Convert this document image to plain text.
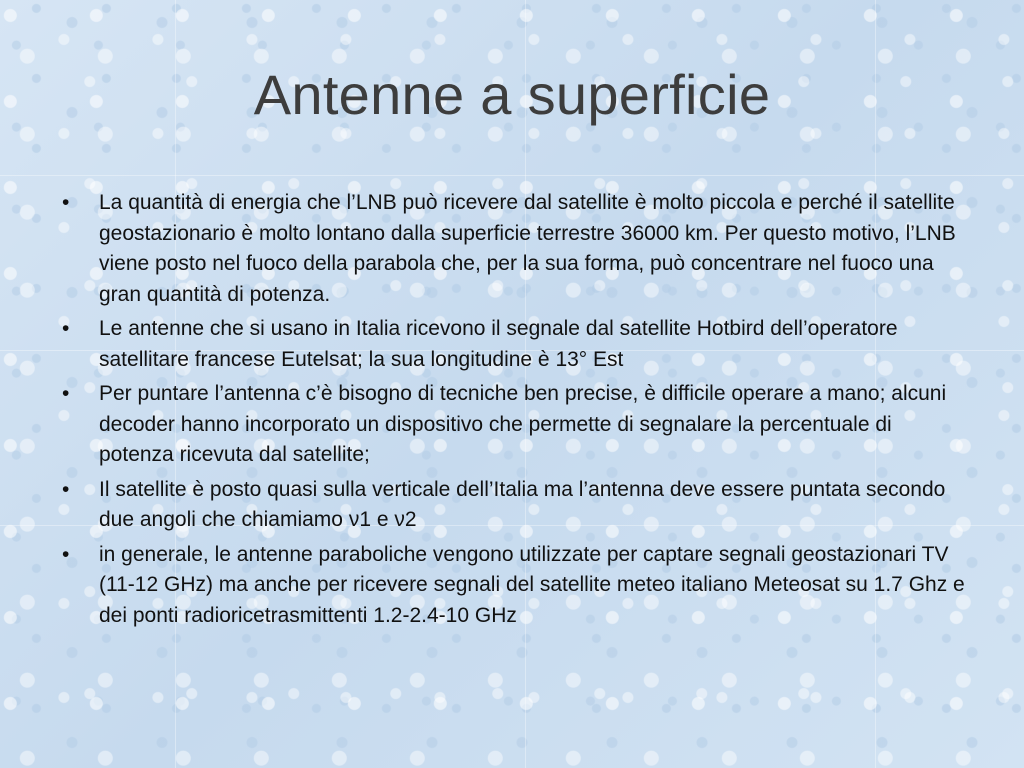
Antenne a superficie
• La quantità di energia che l’LNB può ricevere dal satellite è molto piccola e perché il satellite geostazionario è molto lontano dalla superficie terrestre 36000 km. Per questo motivo, l’LNB viene posto nel fuoco della parabola che, per la sua forma, può concentrare nel fuoco una gran quantità di potenza.
• Le antenne che si usano in Italia ricevono il segnale dal satellite Hotbird dell’operatore satellitare francese Eutelsat; la sua longitudine è 13° Est
• Per puntare l’antenna c’è bisogno di tecniche ben precise, è difficile operare a mano; alcuni decoder hanno incorporato un dispositivo che permette di segnalare la percentuale di potenza ricevuta dal satellite;
• Il satellite è posto quasi sulla verticale dell’Italia ma l’antenna deve essere puntata secondo due angoli che chiamiamo ν1 e ν2
• in generale, le antenne paraboliche vengono utilizzate per captare segnali geostazionari TV (11-12 GHz) ma anche per ricevere segnali del satellite meteo italiano Meteosat su 1.7 Ghz e dei ponti radioricetrasmittenti 1.2-2.4-10 GHz
